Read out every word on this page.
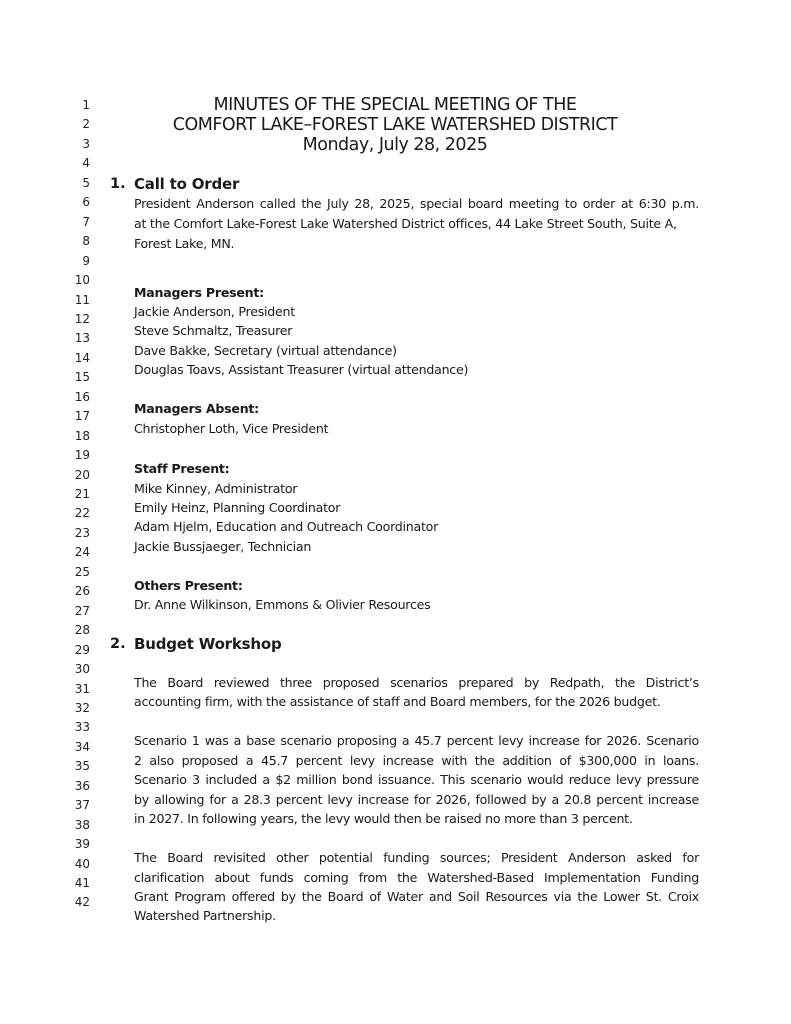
1
2
3
4
5
6
7
8
9
10
11
12
13
14
15
16
17
18
19
20
21
22
23
24
25
26
27
28
29
30
31
32
33
34
35
36
37
38
39
40
41
42
MINUTES OF THE SPECIAL MEETING OF THE
COMFORT LAKE–FOREST LAKE WATERSHED DISTRICT
Monday, July 28, 2025
1. Call to Order
President Anderson called the July 28, 2025, special board meeting to order at 6:30 p.m.
at the Comfort Lake-Forest Lake Watershed District offices, 44 Lake Street South, Suite A,
Forest Lake, MN.
Managers Present:
Jackie Anderson, President
Steve Schmaltz, Treasurer
Dave Bakke, Secretary (virtual attendance)
Douglas Toavs, Assistant Treasurer (virtual attendance)
Managers Absent:
Christopher Loth, Vice President
Staff Present:
Mike Kinney, Administrator
Emily Heinz, Planning Coordinator
Adam Hjelm, Education and Outreach Coordinator
Jackie Bussjaeger, Technician
Others Present:
Dr. Anne Wilkinson, Emmons & Olivier Resources
2. Budget Workshop
The Board reviewed three proposed scenarios prepared by Redpath, the District’s
accounting firm, with the assistance of staff and Board members, for the 2026 budget.
Scenario 1 was a base scenario proposing a 45.7 percent levy increase for 2026. Scenario
2 also proposed a 45.7 percent levy increase with the addition of $300,000 in loans.
Scenario 3 included a $2 million bond issuance. This scenario would reduce levy pressure
by allowing for a 28.3 percent levy increase for 2026, followed by a 20.8 percent increase
in 2027. In following years, the levy would then be raised no more than 3 percent.
The Board revisited other potential funding sources; President Anderson asked for
clarification about funds coming from the Watershed-Based Implementation Funding
Grant Program offered by the Board of Water and Soil Resources via the Lower St. Croix
Watershed Partnership.
